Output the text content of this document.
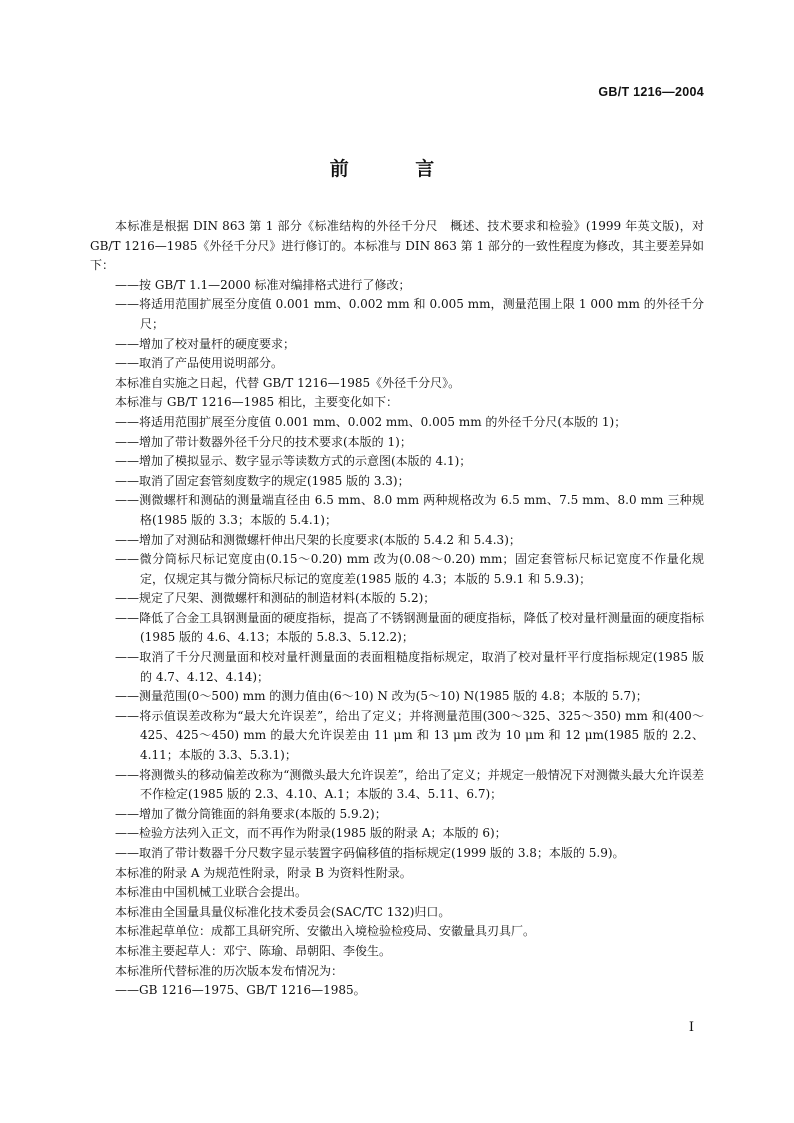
GB/T 1216—2004
前 言

本标准是根据 DIN 863 第 1 部分《标准结构的外径千分尺　概述、技术要求和检验》(1999 年英文版)，对 GB/T 1216—1985《外径千分尺》进行修订的。本标准与 DIN 863 第 1 部分的一致性程度为修改，其主要差异如下：

——按 GB/T 1.1—2000 标准对编排格式进行了修改；

——将适用范围扩展至分度值 0.001 mm、0.002 mm 和 0.005 mm，测量范围上限 1 000 mm 的外径千分尺；

——增加了校对量杆的硬度要求；

——取消了产品使用说明部分。

本标准自实施之日起，代替 GB/T 1216—1985《外径千分尺》。

本标准与 GB/T 1216—1985 相比，主要变化如下：

——将适用范围扩展至分度值 0.001 mm、0.002 mm、0.005 mm 的外径千分尺(本版的 1)；

——增加了带计数器外径千分尺的技术要求(本版的 1)；

——增加了模拟显示、数字显示等读数方式的示意图(本版的 4.1)；

——取消了固定套管刻度数字的规定(1985 版的 3.3)；

——测微螺杆和测砧的测量端直径由 6.5 mm、8.0 mm 两种规格改为 6.5 mm、7.5 mm、8.0 mm 三种规格(1985 版的 3.3；本版的 5.4.1)；

——增加了对测砧和测微螺杆伸出尺架的长度要求(本版的 5.4.2 和 5.4.3)；

——微分筒标尺标记宽度由(0.15～0.20) mm 改为(0.08～0.20) mm；固定套管标尺标记宽度不作量化规定，仅规定其与微分筒标尺标记的宽度差(1985 版的 4.3；本版的 5.9.1 和 5.9.3)；

——规定了尺架、测微螺杆和测砧的制造材料(本版的 5.2)；

——降低了合金工具钢测量面的硬度指标，提高了不锈钢测量面的硬度指标，降低了校对量杆测量面的硬度指标(1985 版的 4.6、4.13；本版的 5.8.3、5.12.2)；

——取消了千分尺测量面和校对量杆测量面的表面粗糙度指标规定，取消了校对量杆平行度指标规定(1985 版的 4.7、4.12、4.14)；

——测量范围(0～500) mm 的测力值由(6～10) N 改为(5～10) N(1985 版的 4.8；本版的 5.7)；

——将示值误差改称为“最大允许误差”，给出了定义；并将测量范围(300～325、325～350) mm 和(400～425、425～450) mm 的最大允许误差由 11 μm 和 13 μm 改为 10 μm 和 12 μm(1985 版的 2.2、4.11；本版的 3.3、5.3.1)；

——将测微头的移动偏差改称为“测微头最大允许误差”，给出了定义；并规定一般情况下对测微头最大允许误差不作检定(1985 版的 2.3、4.10、A.1；本版的 3.4、5.11、6.7)；

——增加了微分筒锥面的斜角要求(本版的 5.9.2)；

——检验方法列入正文，而不再作为附录(1985 版的附录 A；本版的 6)；

——取消了带计数器千分尺数字显示装置字码偏移值的指标规定(1999 版的 3.8；本版的 5.9)。

本标准的附录 A 为规范性附录，附录 B 为资料性附录。

本标准由中国机械工业联合会提出。

本标准由全国量具量仪标准化技术委员会(SAC/TC 132)归口。

本标准起草单位：成都工具研究所、安徽出入境检验检疫局、安徽量具刃具厂。

本标准主要起草人：邓宁、陈瑜、昂朝阳、李俊生。

本标准所代替标准的历次版本发布情况为：

——GB 1216—1975、GB/T 1216—1985。

I
